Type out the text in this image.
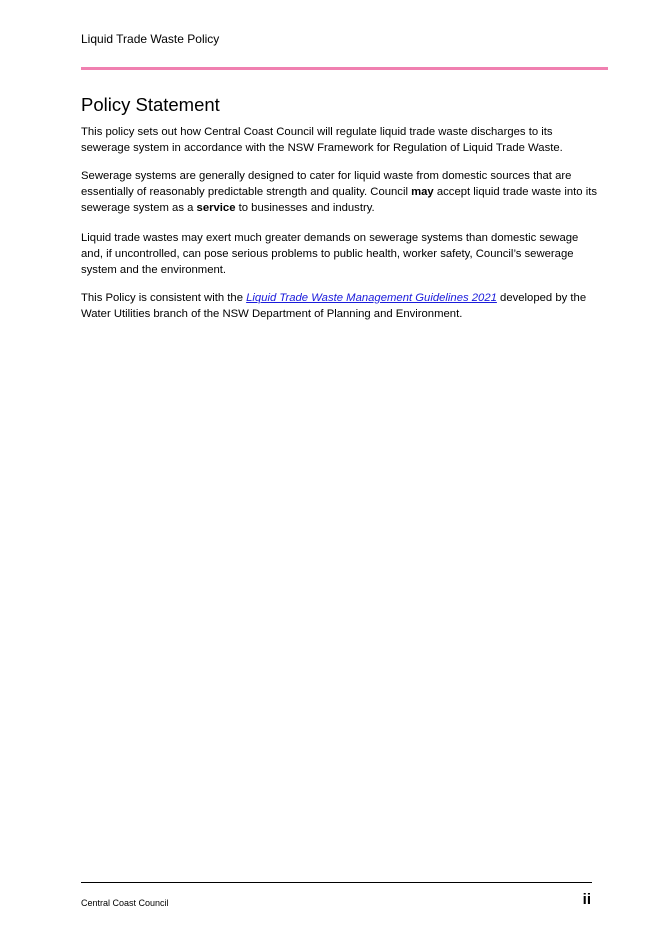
Liquid Trade Waste Policy
Policy Statement

This policy sets out how Central Coast Council will regulate liquid trade waste discharges to its sewerage system in accordance with the NSW Framework for Regulation of Liquid Trade Waste.

Sewerage systems are generally designed to cater for liquid waste from domestic sources that are essentially of reasonably predictable strength and quality. Council may accept liquid trade waste into its sewerage system as a service to businesses and industry.

Liquid trade wastes may exert much greater demands on sewerage systems than domestic sewage and, if uncontrolled, can pose serious problems to public health, worker safety, Council’s sewerage system and the environment.

This Policy is consistent with the Liquid Trade Waste Management Guidelines 2021 developed by the Water Utilities branch of the NSW Department of Planning and Environment.

Central Coast Council	ii
